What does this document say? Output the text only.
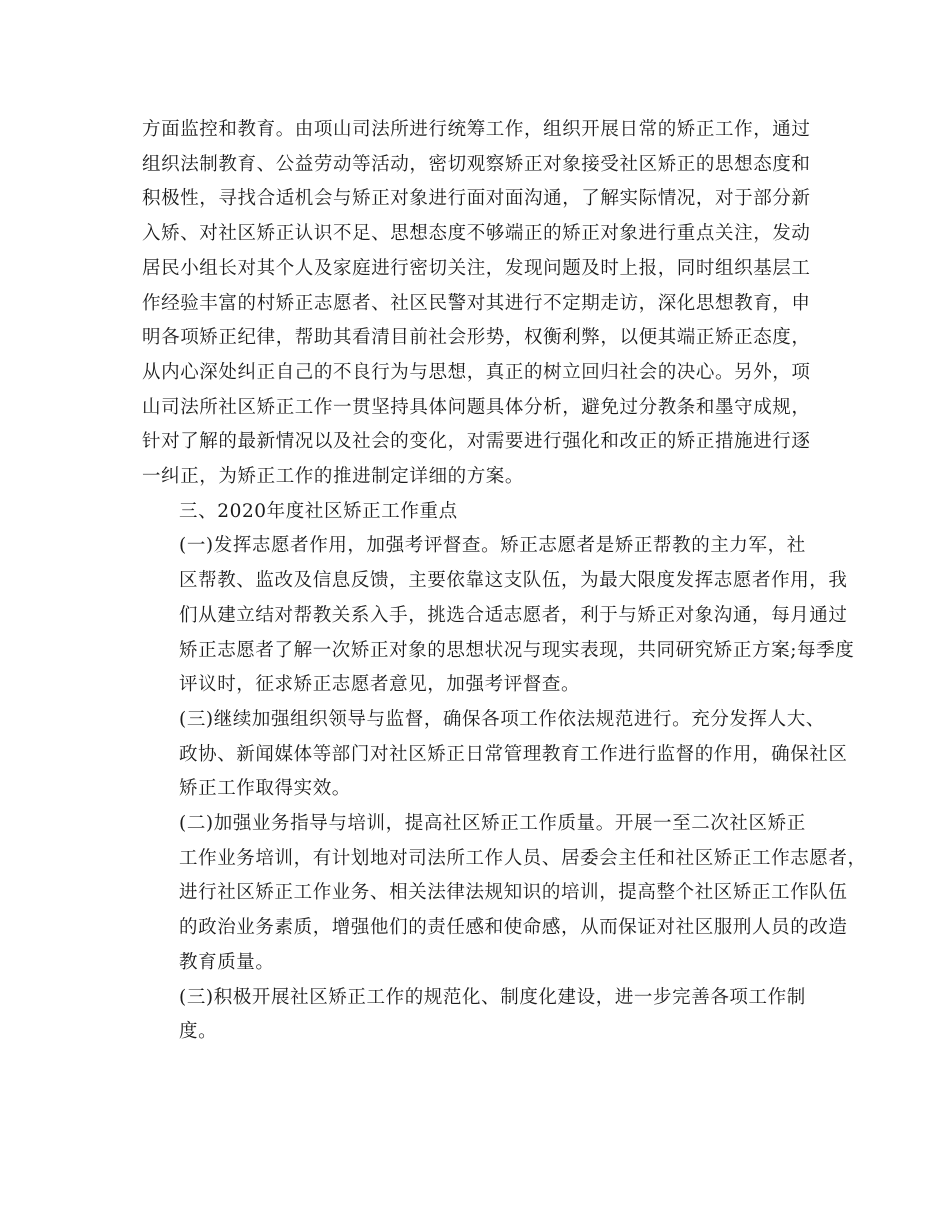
方面监控和教育。由项山司法所进行统筹工作，组织开展日常的矫正工作，通过
组织法制教育、公益劳动等活动，密切观察矫正对象接受社区矫正的思想态度和
积极性，寻找合适机会与矫正对象进行面对面沟通，了解实际情况，对于部分新
入矫、对社区矫正认识不足、思想态度不够端正的矫正对象进行重点关注，发动
居民小组长对其个人及家庭进行密切关注，发现问题及时上报，同时组织基层工
作经验丰富的村矫正志愿者、社区民警对其进行不定期走访，深化思想教育，申
明各项矫正纪律，帮助其看清目前社会形势，权衡利弊，以便其端正矫正态度，
从内心深处纠正自己的不良行为与思想，真正的树立回归社会的决心。另外，项
山司法所社区矫正工作一贯坚持具体问题具体分析，避免过分教条和墨守成规，
针对了解的最新情况以及社会的变化，对需要进行强化和改正的矫正措施进行逐
一纠正，为矫正工作的推进制定详细的方案。

三、2020年度社区矫正工作重点

(一)发挥志愿者作用，加强考评督查。矫正志愿者是矫正帮教的主力军，社
区帮教、监改及信息反馈，主要依靠这支队伍，为最大限度发挥志愿者作用，我
们从建立结对帮教关系入手，挑选合适志愿者，利于与矫正对象沟通，每月通过
矫正志愿者了解一次矫正对象的思想状况与现实表现，共同研究矫正方案;每季度
评议时，征求矫正志愿者意见，加强考评督查。

(三)继续加强组织领导与监督，确保各项工作依法规范进行。充分发挥人大、
政协、新闻媒体等部门对社区矫正日常管理教育工作进行监督的作用，确保社区
矫正工作取得实效。

(二)加强业务指导与培训，提高社区矫正工作质量。开展一至二次社区矫正
工作业务培训，有计划地对司法所工作人员、居委会主任和社区矫正工作志愿者，
进行社区矫正工作业务、相关法律法规知识的培训，提高整个社区矫正工作队伍
的政治业务素质，增强他们的责任感和使命感，从而保证对社区服刑人员的改造
教育质量。

(三)积极开展社区矫正工作的规范化、制度化建设，进一步完善各项工作制
度。
